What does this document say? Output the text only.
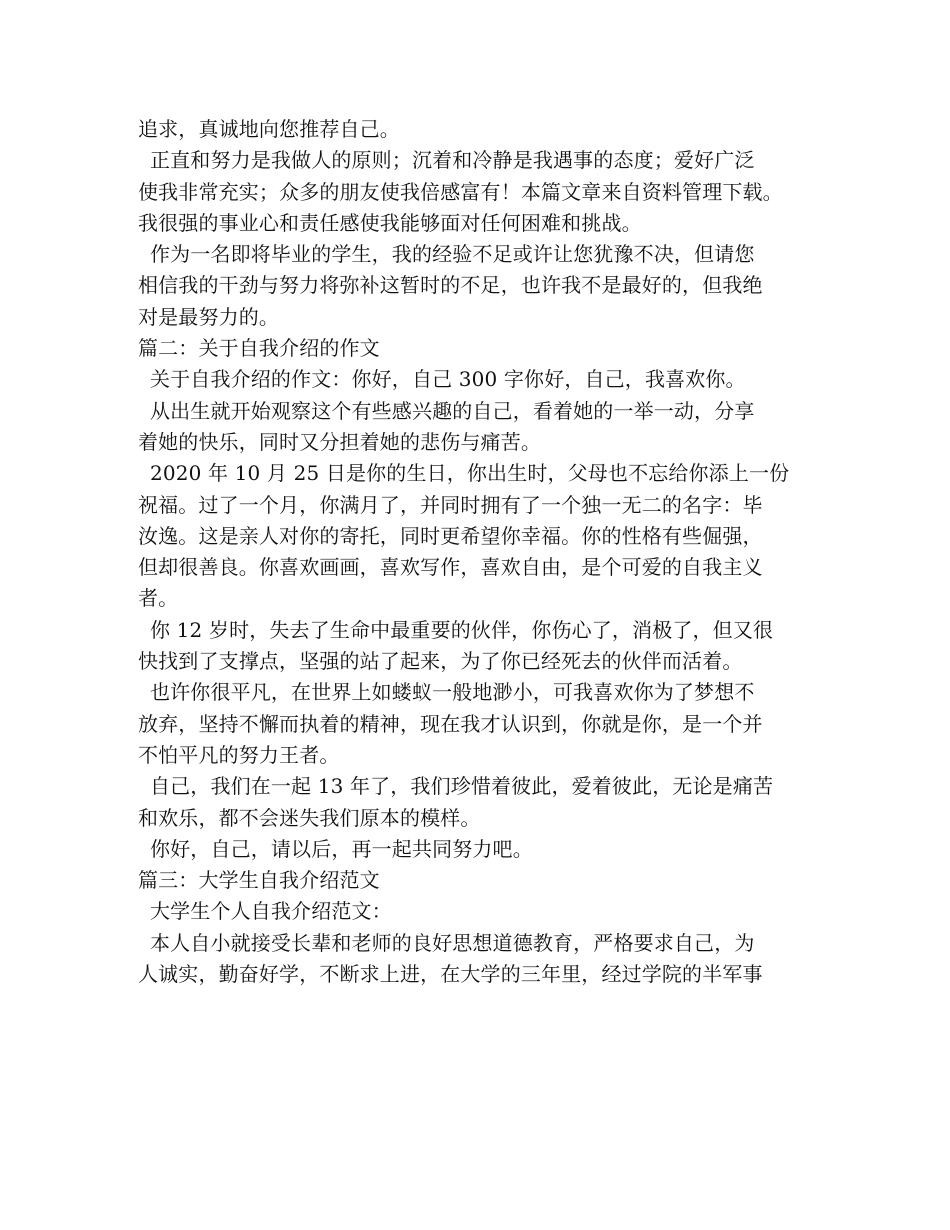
追求，真诚地向您推荐自己。
正直和努力是我做人的原则；沉着和冷静是我遇事的态度；爱好广泛
使我非常充实；众多的朋友使我倍感富有！本篇文章来自资料管理下载。
我很强的事业心和责任感使我能够面对任何困难和挑战。
作为一名即将毕业的学生，我的经验不足或许让您犹豫不决，但请您
相信我的干劲与努力将弥补这暂时的不足，也许我不是最好的，但我绝
对是最努力的。
篇二：关于自我介绍的作文
关于自我介绍的作文：你好，自己 300 字你好，自己，我喜欢你。
从出生就开始观察这个有些感兴趣的自己，看着她的一举一动，分享
着她的快乐，同时又分担着她的悲伤与痛苦。
2020 年 10 月 25 日是你的生日，你出生时，父母也不忘给你添上一份
祝福。过了一个月，你满月了，并同时拥有了一个独一无二的名字：毕
汝逸。这是亲人对你的寄托，同时更希望你幸福。你的性格有些倔强，
但却很善良。你喜欢画画，喜欢写作，喜欢自由，是个可爱的自我主义
者。
你 12 岁时，失去了生命中最重要的伙伴，你伤心了，消极了，但又很
快找到了支撑点，坚强的站了起来，为了你已经死去的伙伴而活着。
也许你很平凡，在世界上如蝼蚁一般地渺小，可我喜欢你为了梦想不
放弃，坚持不懈而执着的精神，现在我才认识到，你就是你，是一个并
不怕平凡的努力王者。
自己，我们在一起 13 年了，我们珍惜着彼此，爱着彼此，无论是痛苦
和欢乐，都不会迷失我们原本的模样。
你好，自己，请以后，再一起共同努力吧。
篇三：大学生自我介绍范文
大学生个人自我介绍范文：
本人自小就接受长辈和老师的良好思想道德教育，严格要求自己，为
人诚实，勤奋好学，不断求上进，在大学的三年里，经过学院的半军事
